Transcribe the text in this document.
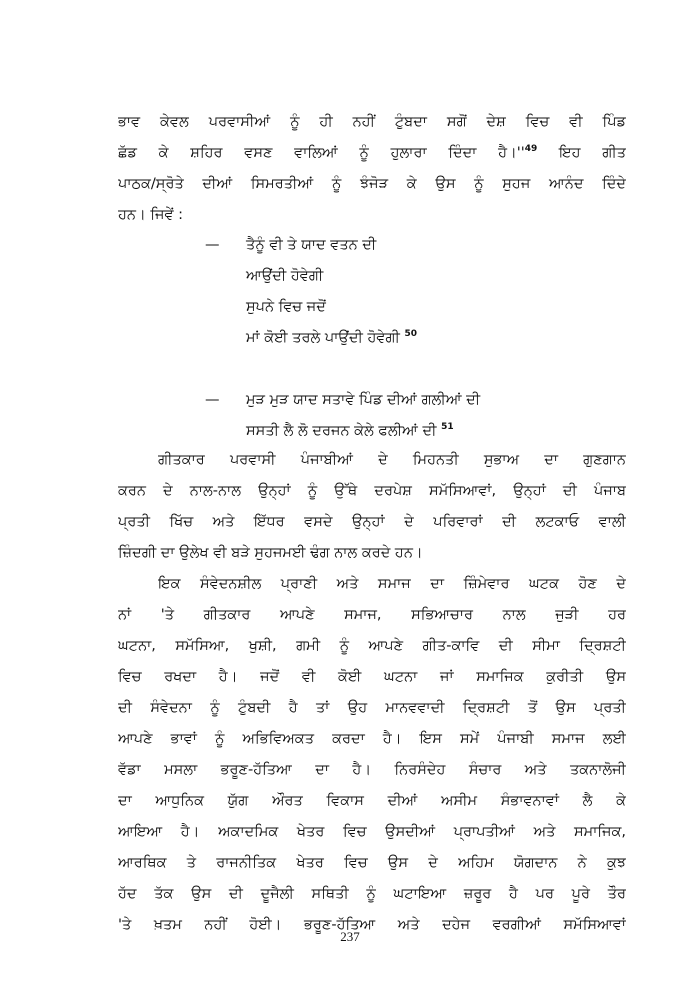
ਭਾਵ ਕੇਵਲ ਪਰਵਾਸੀਆਂ ਨੂੰ ਹੀ ਨਹੀਂ ਟੁੰਬਦਾ ਸਗੋਂ ਦੇਸ਼ ਵਿਚ ਵੀ ਪਿੰਡ
ਛੱਡ ਕੇ ਸ਼ਹਿਰ ਵਸਣ ਵਾਲਿਆਂ ਨੂੰ ਹੁਲਾਰਾ ਦਿੰਦਾ $ਹੈ।''^{49}$ ਇਹ ਗੀਤ
ਪਾਠਕ/ਸ੍ਰੋਤੇ ਦੀਆਂ ਸਿਮਰਤੀਆਂ ਨੂੰ ਝੰਜੋੜ ਕੇ ਉਸ ਨੂੰ ਸੁਹਜ ਆਨੰਦ ਦਿੰਦੇ
ਹਨ। ਜਿਵੇਂ :
— ਤੈਨੂੰ ਵੀ ਤੇ ਯਾਦ ਵਤਨ ਦੀ
ਆਉਂਦੀ ਹੋਵੇਗੀ
ਸੁਪਨੇ ਵਿਚ ਜਦੋਂ
ਮਾਂ ਕੋਈ ਤਰਲੇ ਪਾਉਂਦੀ ਹੋਵੇਗੀ $^{50}$
— ਮੁੜ ਮੁੜ ਯਾਦ ਸਤਾਵੇ ਪਿੰਡ ਦੀਆਂ ਗਲੀਆਂ ਦੀ
ਸਸਤੀ ਲੈ ਲੋ ਦਰਜਨ ਕੇਲੇ ਫਲੀਆਂ ਦੀ $^{51}$
ਗੀਤਕਾਰ ਪਰਵਾਸੀ ਪੰਜਾਬੀਆਂ ਦੇ ਮਿਹਨਤੀ ਸੁਭਾਅ ਦਾ ਗੁਣਗਾਨ
ਕਰਨ ਦੇ ਨਾਲ-ਨਾਲ ਉਨ੍ਹਾਂ ਨੂੰ ਉੱਥੇ ਦਰਪੇਸ਼ ਸਮੱਸਿਆਵਾਂ, ਉਨ੍ਹਾਂ ਦੀ ਪੰਜਾਬ
ਪ੍ਰਤੀ ਖਿੱਚ ਅਤੇ ਇੱਧਰ ਵਸਦੇ ਉਨ੍ਹਾਂ ਦੇ ਪਰਿਵਾਰਾਂ ਦੀ ਲਟਕਾਓ ਵਾਲੀ
ਜ਼ਿੰਦਗੀ ਦਾ ਉਲੇਖ ਵੀ ਬੜੇ ਸੁਹਜਮਈ ਢੰਗ ਨਾਲ ਕਰਦੇ ਹਨ।
ਇਕ ਸੰਵੇਦਨਸ਼ੀਲ ਪ੍ਰਾਣੀ ਅਤੇ ਸਮਾਜ ਦਾ ਜ਼ਿੰਮੇਵਾਰ ਘਟਕ ਹੋਣ ਦੇ
ਨਾਂ 'ਤੇ ਗੀਤਕਾਰ ਆਪਣੇ ਸਮਾਜ, ਸਭਿਆਚਾਰ ਨਾਲ ਜੁੜੀ ਹਰ
ਘਟਨਾ, ਸਮੱਸਿਆ, ਖੁਸ਼ੀ, ਗਮੀ ਨੂੰ ਆਪਣੇ ਗੀਤ-ਕਾਵਿ ਦੀ ਸੀਮਾ ਦ੍ਰਿਸ਼ਟੀ
ਵਿਚ ਰਖਦਾ ਹੈ। ਜਦੋਂ ਵੀ ਕੋਈ ਘਟਨਾ ਜਾਂ ਸਮਾਜਿਕ ਕੁਰੀਤੀ ਉਸ
ਦੀ ਸੰਵੇਦਨਾ ਨੂੰ ਟੁੰਬਦੀ ਹੈ ਤਾਂ ਉਹ ਮਾਨਵਵਾਦੀ ਦ੍ਰਿਸ਼ਟੀ ਤੋਂ ਉਸ ਪ੍ਰਤੀ
ਆਪਣੇ ਭਾਵਾਂ ਨੂੰ ਅਭਿਵਿਅਕਤ ਕਰਦਾ ਹੈ। ਇਸ ਸਮੇਂ ਪੰਜਾਬੀ ਸਮਾਜ ਲਈ
ਵੱਡਾ ਮਸਲਾ ਭਰੂਣ-ਹੱਤਿਆ ਦਾ ਹੈ। ਨਿਰਸੰਦੇਹ ਸੰਚਾਰ ਅਤੇ ਤਕਨਾਲੋਜੀ
ਦਾ ਆਧੁਨਿਕ ਯੁੱਗ ਔਰਤ ਵਿਕਾਸ ਦੀਆਂ ਅਸੀਮ ਸੰਭਾਵਨਾਵਾਂ ਲੈ ਕੇ
ਆਇਆ ਹੈ। ਅਕਾਦਮਿਕ ਖੇਤਰ ਵਿਚ ਉਸਦੀਆਂ ਪ੍ਰਾਪਤੀਆਂ ਅਤੇ ਸਮਾਜਿਕ,
ਆਰਥਿਕ ਤੇ ਰਾਜਨੀਤਿਕ ਖੇਤਰ ਵਿਚ ਉਸ ਦੇ ਅਹਿਮ ਯੋਗਦਾਨ ਨੇ ਕੁਝ
ਹੱਦ ਤੱਕ ਉਸ ਦੀ ਦੂਜੈਲੀ ਸਥਿਤੀ ਨੂੰ ਘਟਾਇਆ ਜ਼ਰੂਰ ਹੈ ਪਰ ਪੂਰੇ ਤੌਰ
'ਤੇ ਖ਼ਤਮ ਨਹੀਂ ਹੋਈ। ਭਰੂਣ-ਹੱਤਿਆ ਅਤੇ ਦਹੇਜ ਵਰਗੀਆਂ ਸਮੱਸਿਆਵਾਂ
237
